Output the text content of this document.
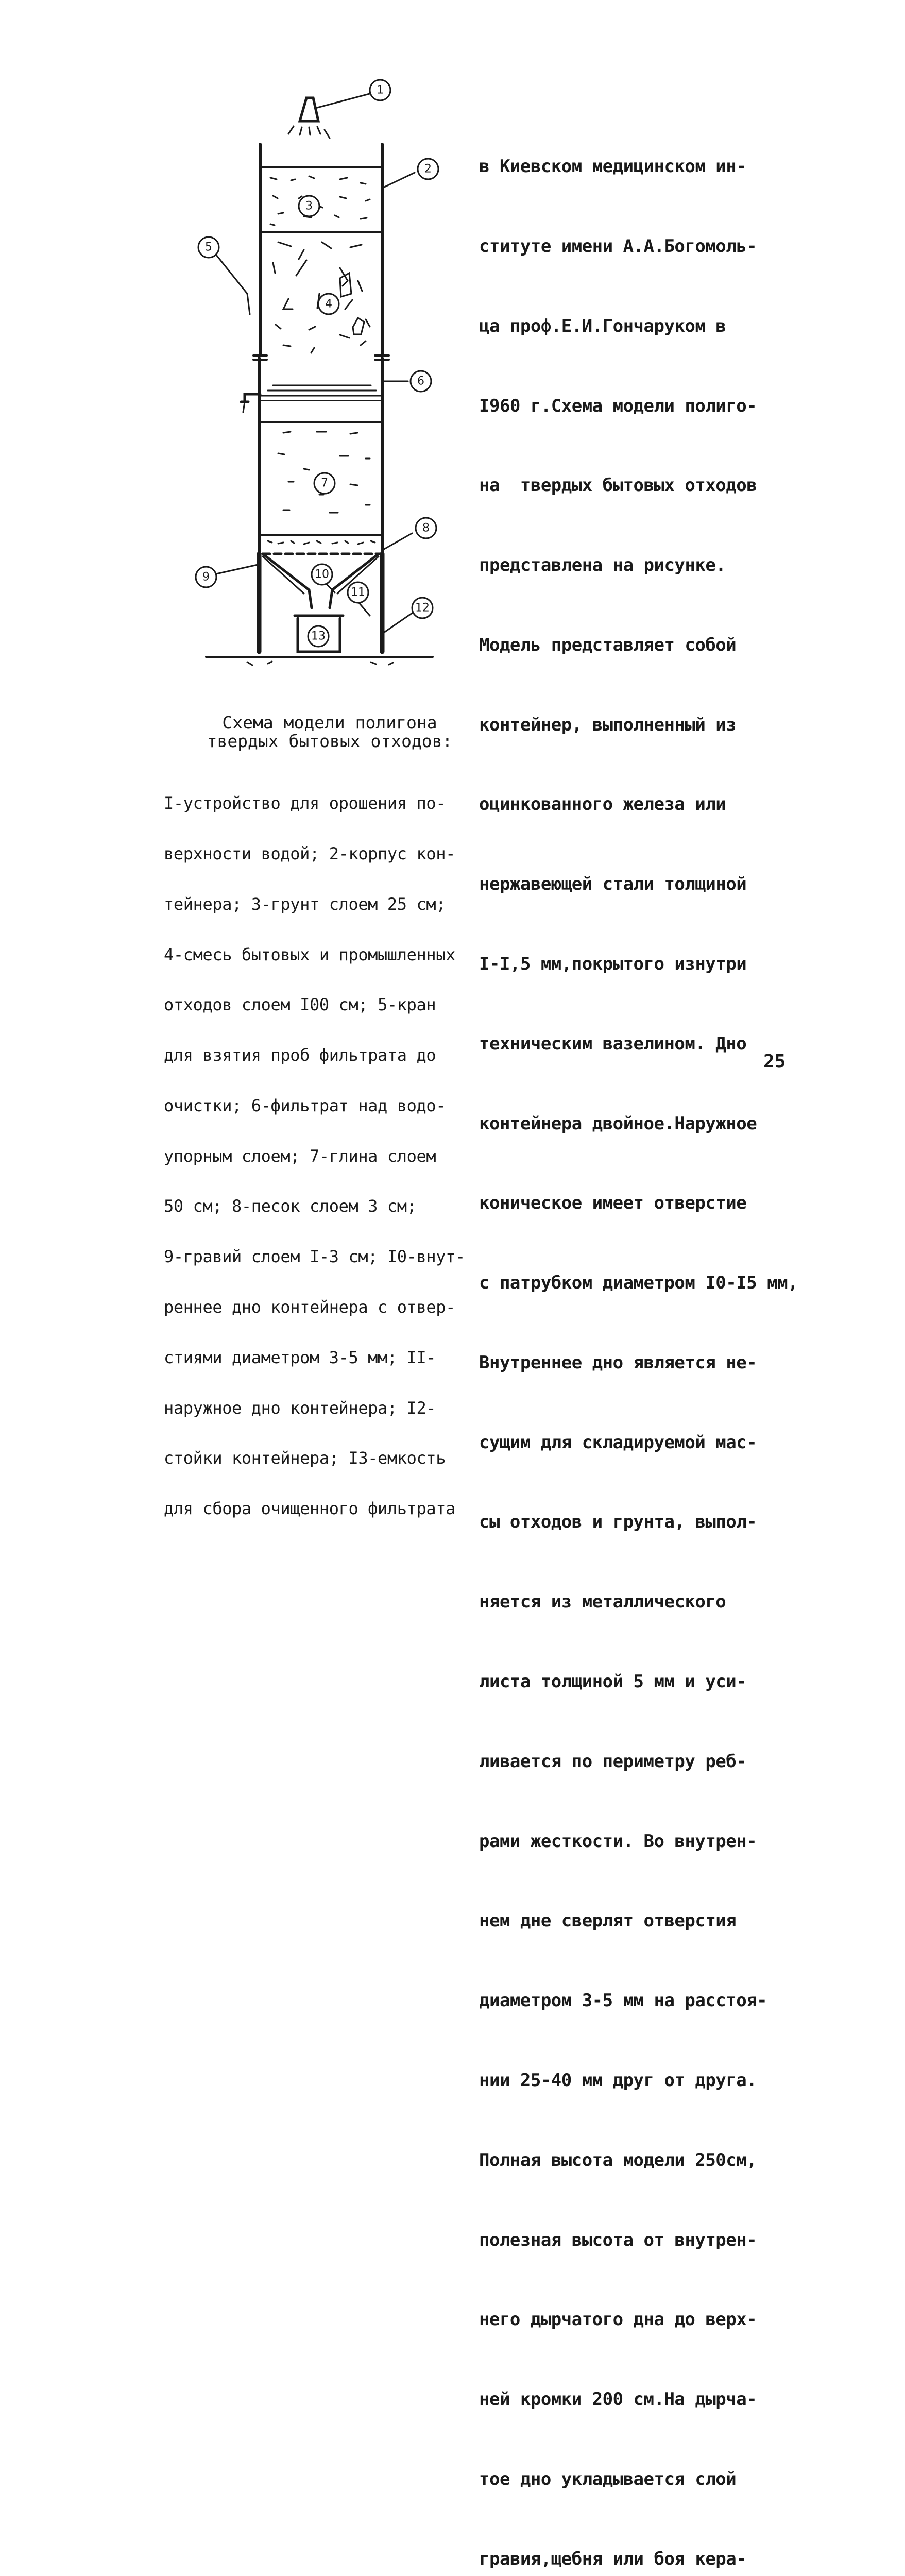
1
2
3
4
5
6
7
8
9	10
11
12
13
Схема модели полигона
твердых бытовых отходов:

I-устройство для орошения по-

верхности водой; 2-корпус кон-

тейнера; 3-грунт слоем 25 см;

4-смесь бытовых и промышленных

отходов слоем I00 см; 5-кран

для взятия проб фильтрата до

очистки; 6-фильтрат над водо-

упорным слоем; 7-глина слоем

50 см; 8-песок слоем 3 см;

9-гравий слоем I-3 см; I0-внут-

реннее дно контейнера с отвер-

стиями диаметром 3-5 мм; II-

наружное дно контейнера; I2-

стойки контейнера; I3-емкость

для сбора очищенного фильтрата

в Киевском медицинском ин-

ституте имени А.А.Богомоль-

ца проф.Е.И.Гончаруком в

I960 г.Схема модели полиго-

на  твердых бытовых отходов

представлена на рисунке.

Модель представляет собой

контейнер, выполненный из

оцинкованного железа или

нержавеющей стали толщиной

I-I,5 мм,покрытого изнутри

техническим вазелином. Дно

контейнера двойное.Наружное

коническое имеет отверстие

с патрубком диаметром I0-I5 мм,

Внутреннее дно является не-

сущим для складируемой мас-

сы отходов и грунта, выпол-

няется из металлического

листа толщиной 5 мм и уси-

ливается по периметру реб-

рами жесткости. Во внутрен-

нем дне сверлят отверстия

диаметром 3-5 мм на расстоя-

нии 25-40 мм друг от друга.

Полная высота модели 250см,

полезная высота от внутрен-

него дырчатого дна до верх-

ней кромки 200 см.На дырча-

тое дно укладывается слой

гравия,щебня или боя кера-

25
